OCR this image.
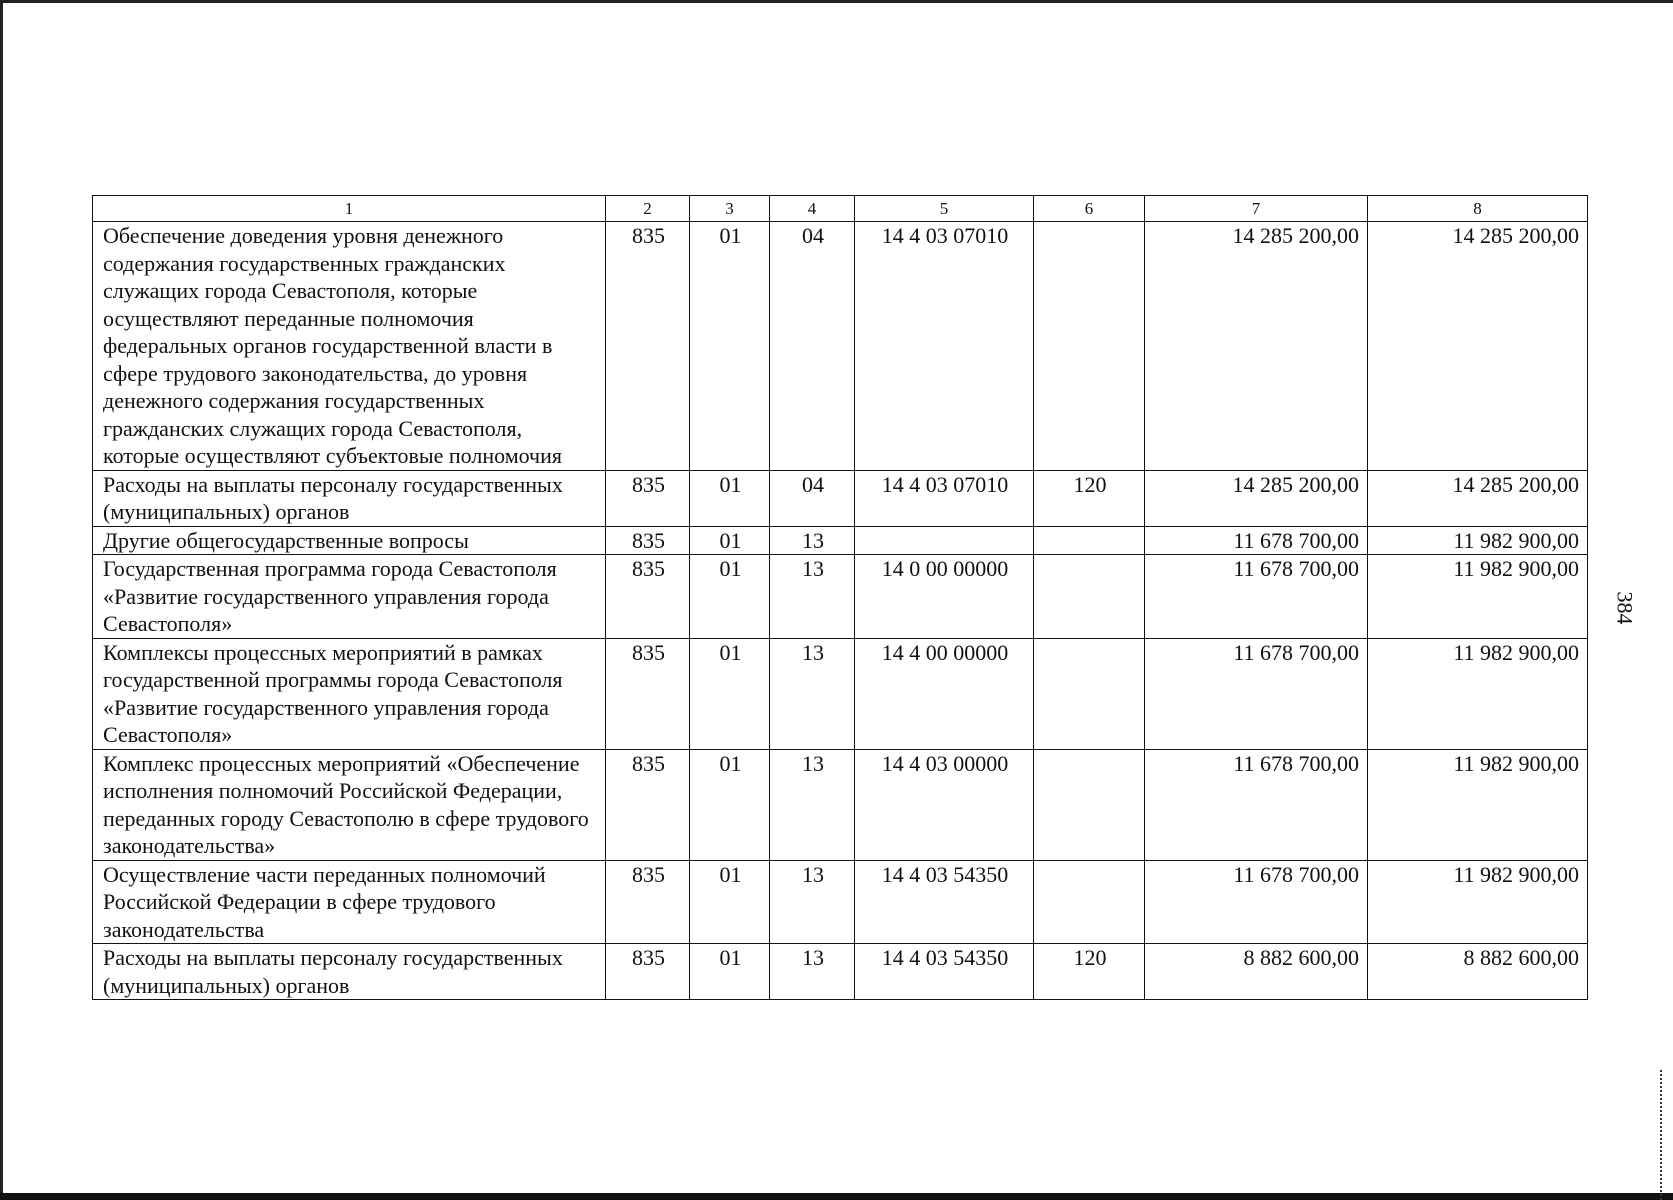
384
1	2	3	4	5	6	7	8
Обеспечение доведения уровня денежного содержания государственных гражданских служащих города Севастополя, которые осуществляют переданные полномочия федеральных органов государственной власти в сфере трудового законодательства, до уровня денежного содержания государственных гражданских служащих города Севастополя, которые осуществляют субъектовые полномочия	835	01	04	14 4 03 07010		14 285 200,00	14 285 200,00
Расходы на выплаты персоналу государственных (муниципальных) органов	835	01	04	14 4 03 07010	120	14 285 200,00	14 285 200,00
Другие общегосударственные вопросы	835	01	13			11 678 700,00	11 982 900,00
Государственная программа города Севастополя «Развитие государственного управления города Севастополя»	835	01	13	14 0 00 00000		11 678 700,00	11 982 900,00
Комплексы процессных мероприятий в рамках государственной программы города Севастополя «Развитие государственного управления города Севастополя»	835	01	13	14 4 00 00000		11 678 700,00	11 982 900,00
Комплекс процессных мероприятий «Обеспечение исполнения полномочий Российской Федерации, переданных городу Севастополю в сфере трудового законодательства»	835	01	13	14 4 03 00000		11 678 700,00	11 982 900,00
Осуществление части переданных полномочий Российской Федерации в сфере трудового законодательства	835	01	13	14 4 03 54350		11 678 700,00	11 982 900,00
Расходы на выплаты персоналу государственных (муниципальных) органов	835	01	13	14 4 03 54350	120	8 882 600,00	8 882 600,00
